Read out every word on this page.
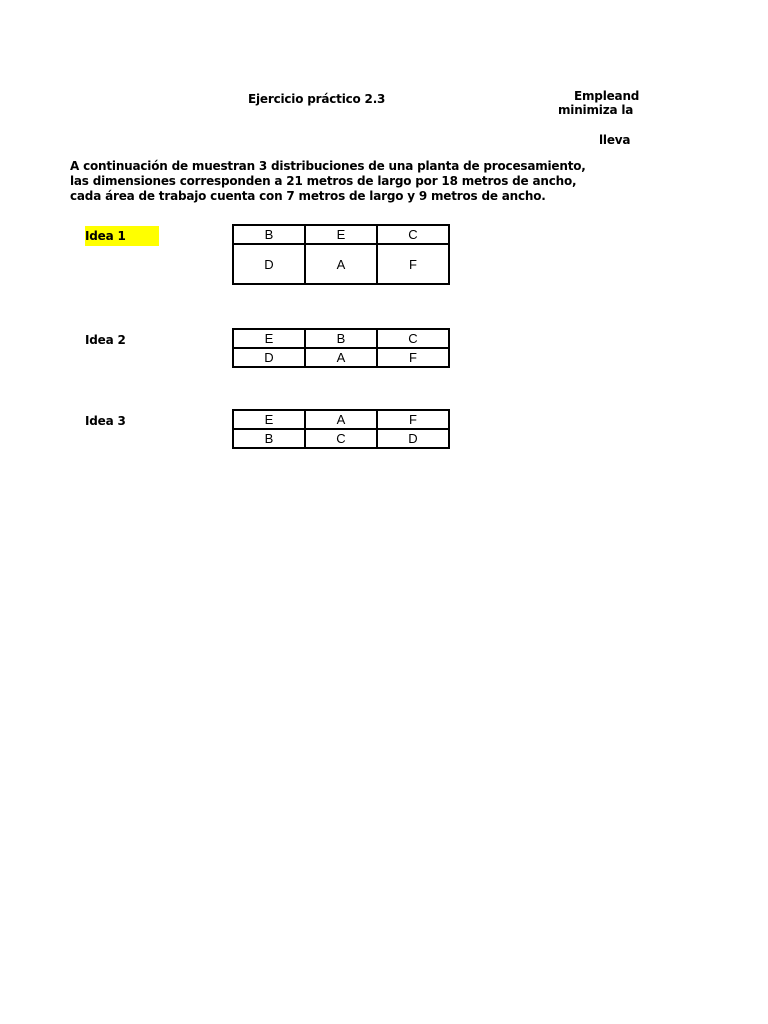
Ejercicio práctico 2.3	Empleand
minimiza la
lleva
A continuación de muestran 3 distribuciones de una planta de procesamiento,
las dimensiones corresponden a 21 metros de largo por 18 metros de ancho,
cada área de trabajo cuenta con 7 metros de largo y 9 metros de ancho.
Idea 1	B	E	C
D	A	F
Idea 2	E	B	C
D	A	F
Idea 3	E	A	F
B	C	D
